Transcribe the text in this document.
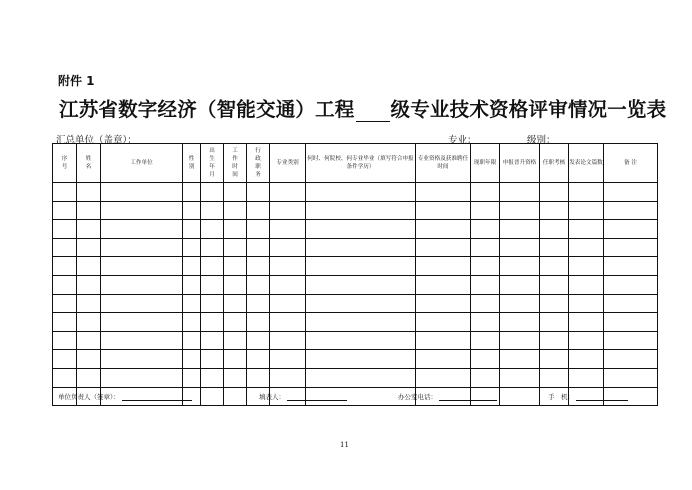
附件 1
江苏省数字经济（智能交通）工程 级专业技术资格评审情况一览表
汇总单位（盖章）：	专业：	级别：
序号	姓名	工作单位	性别	出生年月	工作时间	行政职务	专业类别	何时、何院校、何专业毕业（填写符合申报条件学历）	专业资格及获准聘任时间	现职年限	申报晋升资格	任职考核	发表论文篇数	备 注

单位负责人（签章）：	填表人：	办公室电话：	手　机：
11
